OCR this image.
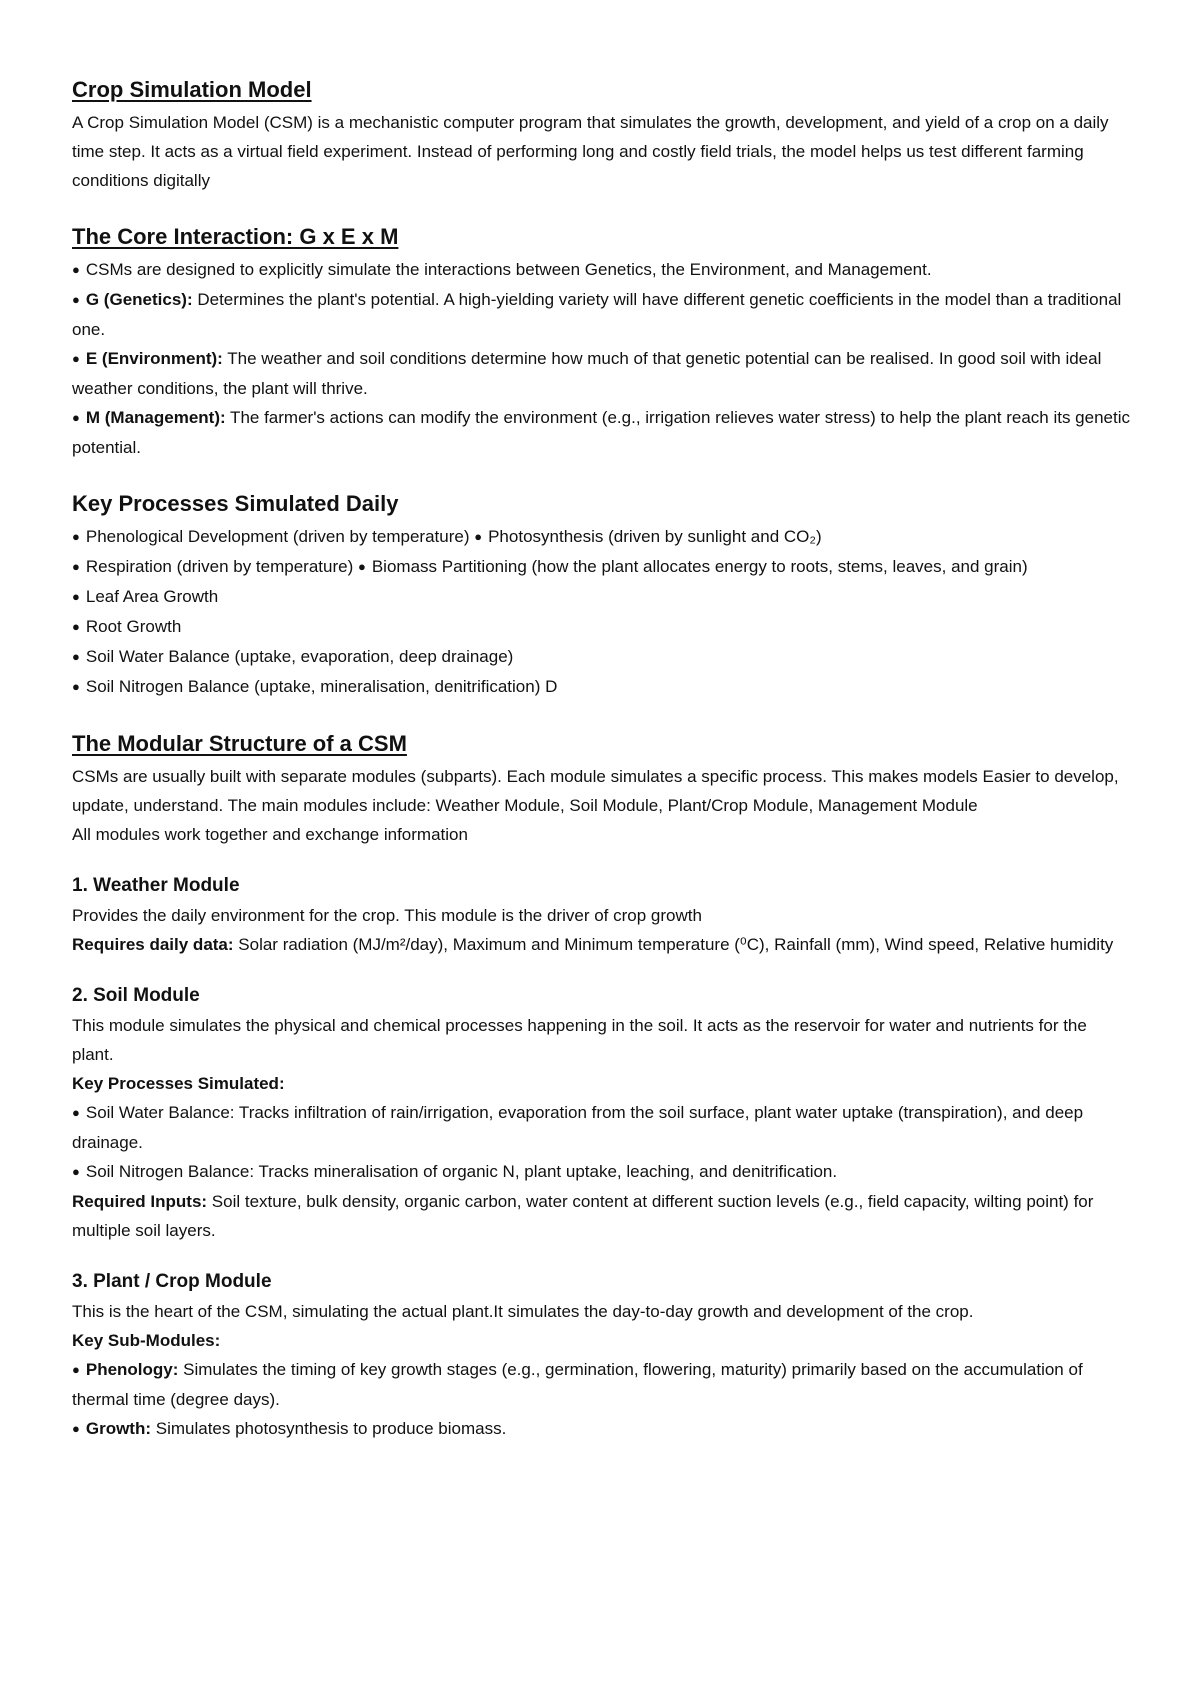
Crop Simulation Model

A Crop Simulation Model (CSM) is a mechanistic computer program that simulates the growth, development, and yield of a crop on a daily time step. It acts as a virtual field experiment. Instead of performing long and costly field trials, the model helps us test different farming conditions digitally

The Core Interaction: G x E x M

● CSMs are designed to explicitly simulate the interactions between Genetics, the Environment, and Management.

● G (Genetics): Determines the plant's potential. A high-yielding variety will have different genetic coefficients in the model than a traditional one.

● E (Environment): The weather and soil conditions determine how much of that genetic potential can be realised. In good soil with ideal weather conditions, the plant will thrive.

● M (Management): The farmer's actions can modify the environment (e.g., irrigation relieves water stress) to help the plant reach its genetic potential.

Key Processes Simulated Daily

● Phenological Development (driven by temperature) ● Photosynthesis (driven by sunlight and CO₂)

● Respiration (driven by temperature) ● Biomass Partitioning (how the plant allocates energy to roots, stems, leaves, and grain)

● Leaf Area Growth

● Root Growth

● Soil Water Balance (uptake, evaporation, deep drainage)

● Soil Nitrogen Balance (uptake, mineralisation, denitrification) D

The Modular Structure of a CSM

CSMs are usually built with separate modules (subparts). Each module simulates a specific process. This makes models Easier to develop, update, understand. The main modules include: Weather Module, Soil Module, Plant/Crop Module, Management Module

All modules work together and exchange information

1. Weather Module

Provides the daily environment for the crop. This module is the driver of crop growth

Requires daily data: Solar radiation (MJ/m²/day), Maximum and Minimum temperature (⁰C), Rainfall (mm), Wind speed, Relative humidity

2. Soil Module

This module simulates the physical and chemical processes happening in the soil. It acts as the reservoir for water and nutrients for the plant.

Key Processes Simulated:

● Soil Water Balance: Tracks infiltration of rain/irrigation, evaporation from the soil surface, plant water uptake (transpiration), and deep drainage.

● Soil Nitrogen Balance: Tracks mineralisation of organic N, plant uptake, leaching, and denitrification.

Required Inputs: Soil texture, bulk density, organic carbon, water content at different suction levels (e.g., field capacity, wilting point) for multiple soil layers.

3. Plant / Crop Module

This is the heart of the CSM, simulating the actual plant.It simulates the day-to-day growth and development of the crop.

Key Sub-Modules:

● Phenology: Simulates the timing of key growth stages (e.g., germination, flowering, maturity) primarily based on the accumulation of thermal time (degree days).

● Growth: Simulates photosynthesis to produce biomass.
